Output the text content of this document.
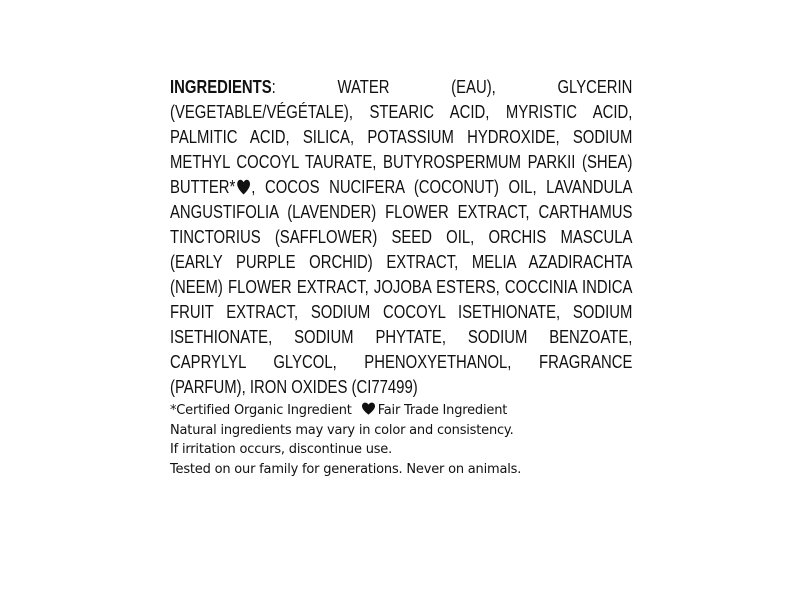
INGREDIENTS: WATER (EAU), GLYCERIN (VEGETABLE/VÉGÉTALE), STEARIC ACID, MYRISTIC ACID, PALMITIC ACID, SILICA, POTASSIUM HYDROXIDE, SODIUM METHYL COCOYL TAURATE, BUTYROSPERMUM PARKII (SHEA) BUTTER* , COCOS NUCIFERA (COCONUT) OIL, LAVANDULA ANGUSTIFOLIA (LAVENDER) FLOWER EXTRACT, CARTHAMUS TINCTORIUS (SAFFLOWER) SEED OIL, ORCHIS MASCULA (EARLY PURPLE ORCHID) EXTRACT, MELIA AZADIRACHTA (NEEM) FLOWER EXTRACT, JOJOBA ESTERS, COCCINIA INDICA FRUIT EXTRACT, SODIUM COCOYL ISETHIONATE, SODIUM ISETHIONATE, SODIUM PHYTATE, SODIUM BENZOATE, CAPRYLYL GLYCOL, PHENOXYETHANOL, FRAGRANCE (PARFUM), IRON OXIDES (CI77499)

*Certified Organic Ingredient Fair Trade Ingredient
Natural ingredients may vary in color and consistency.
If irritation occurs, discontinue use.
Tested on our family for generations. Never on animals.
